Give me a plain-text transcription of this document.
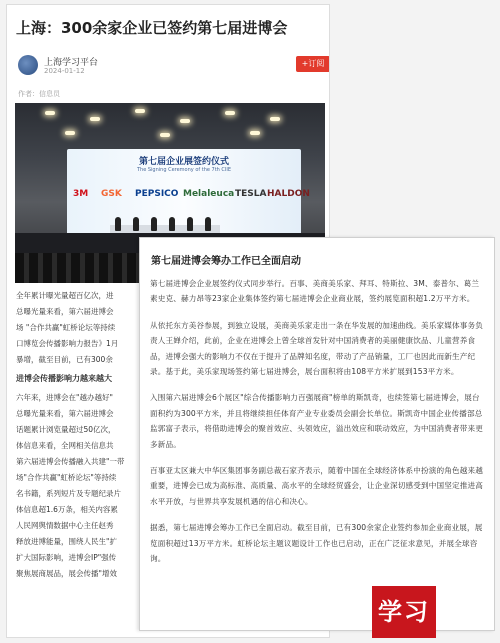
上海：300余家企业已签约第七届进博会
上海学习平台
2024-01-12
+订阅
作者：信息员
第七届企业展签约仪式
The Signing Ceremony of the 7th CIIE
3M GSK PEPSICO Melaleuca TESLA HALDON

全年累计曝光量超百亿次，进

总曝光量来看，第六届进博会

场 "合作共赢"虹桥论坛等持续

口博览会传播影响力报告》1月

暴增，截至目前，已有300余

进博会传播影响力越来越大

六年来，进博会在"越办越好"

总曝光量来看，第六届进博会

话题累计浏览量超过50亿次，

体信息来看，全网相关信息共

第六届进博会传播融入共建"一带

场"合作共赢"虹桥论坛"等持续

名书籍，系列短片及专题纪录片

体信息超1.6万条，相关内容累

人民网舆情数据中心主任赵秀

释放进博能量，围绕人民生"扩

扩大国际影响，进博会IP"强传

聚焦展商展品，展会传播"增效

第七届进博会筹办工作已全面启动

第七届进博会企业展签约仪式同步举行。百事、美商美乐家、拜耳、特斯拉、3M、泰普尔、葛兰素史克、赫力昂等23家企业集体签约第七届进博会企业商业展，签约展览面积超1.2万平方米。

从依托东方美谷参展，到独立设展，美商美乐家走出一条在华发展的加速曲线。美乐家媒体事务负责人王婵介绍，此前，企业在进博会上曾全球首发针对中国消费者的美丽健康饮品、儿童营养食品，进博会强大的影响力不仅在于提升了品牌知名度，带动了产品销量，工厂也因此而新生产纪录。基于此，美乐家现场签约第七届进博会，展台面积将由108平方米扩展到153平方米。

入围第六届进博会6个展区"综合传播影响力百强展商"榜单的斯凯奇，也续签第七届进博会，展台面积约为300平方米，并且将继续担任体育产业专业委员会副会长单位。斯凯奇中国企业传播部总监郭富子表示，将借助进博会的聚首效应、头领效应，溢出效应和联动效应，为中国消费者带来更多新品。

百事亚太区兼大中华区集团事务副总裁石家齐表示，随着中国在全球经济体系中扮演的角色越来越重要，进博会已成为高标准、高质量、高水平的全球经贸盛会，让企业深切感受到中国坚定推进高水平开放，与世界共享发展机遇的信心和决心。

据悉，第七届进博会筹办工作已全面启动。截至目前，已有300余家企业签约参加企业商业展，展览面积超过13万平方米。虹桥论坛主题议题设计工作也已启动，正在广泛征求意见，并展全球咨询。

学习
